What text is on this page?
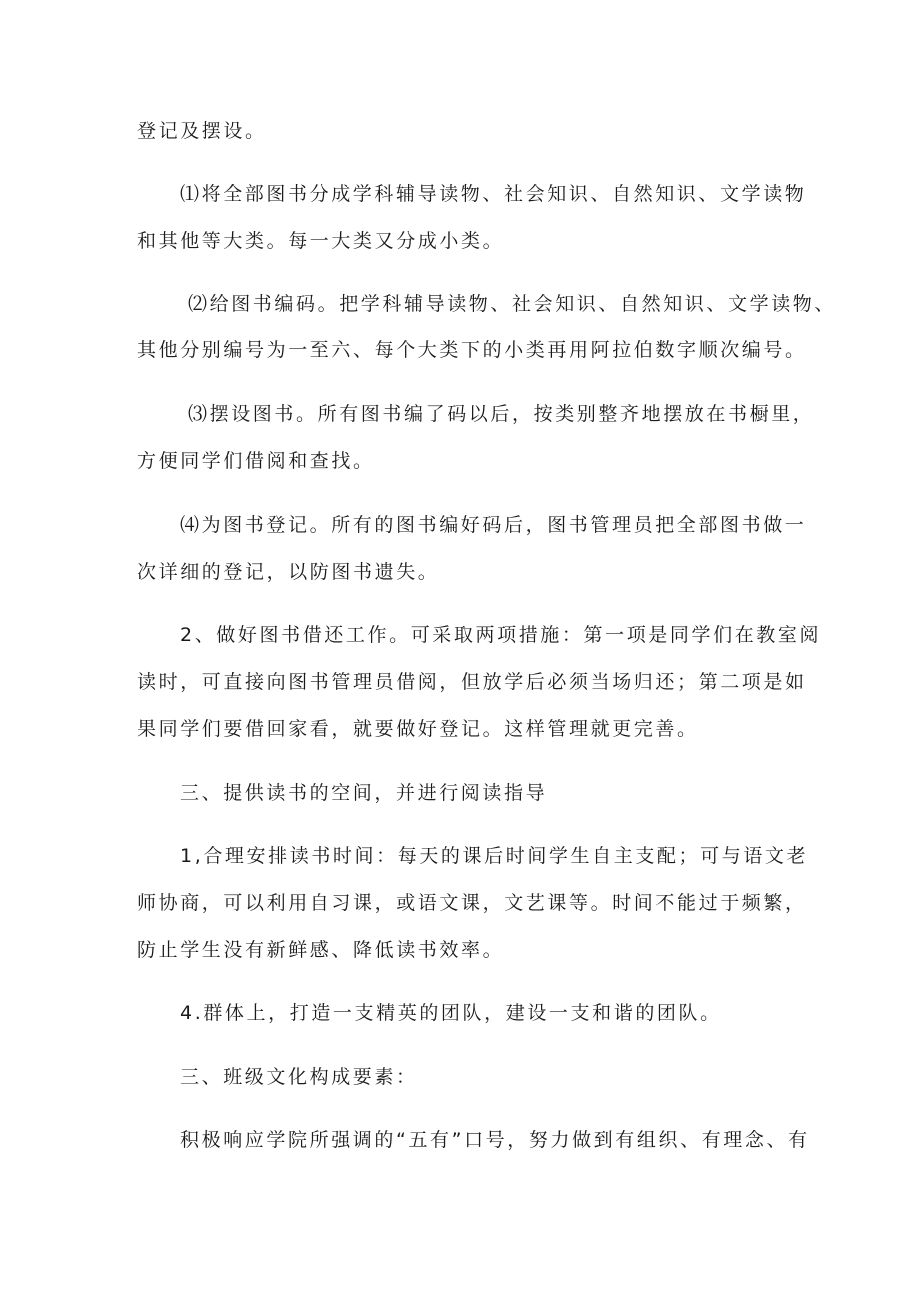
登记及摆设。
⑴将全部图书分成学科辅导读物、社会知识、自然知识、文学读物
和其他等大类。每一大类又分成小类。
⑵给图书编码。把学科辅导读物、社会知识、自然知识、文学读物、
其他分别编号为一至六、每个大类下的小类再用阿拉伯数字顺次编号。
⑶摆设图书。所有图书编了码以后，按类别整齐地摆放在书橱里，
方便同学们借阅和查找。
⑷为图书登记。所有的图书编好码后，图书管理员把全部图书做一
次详细的登记，以防图书遗失。
2、做好图书借还工作。可采取两项措施：第一项是同学们在教室阅
读时，可直接向图书管理员借阅，但放学后必须当场归还；第二项是如
果同学们要借回家看，就要做好登记。这样管理就更完善。
三、提供读书的空间，并进行阅读指导
1,合理安排读书时间：每天的课后时间学生自主支配；可与语文老
师协商，可以利用自习课，或语文课，文艺课等。时间不能过于频繁，
防止学生没有新鲜感、降低读书效率。
4.群体上，打造一支精英的团队，建设一支和谐的团队。
三、班级文化构成要素：
积极响应学院所强调的“五有”口号，努力做到有组织、有理念、有
